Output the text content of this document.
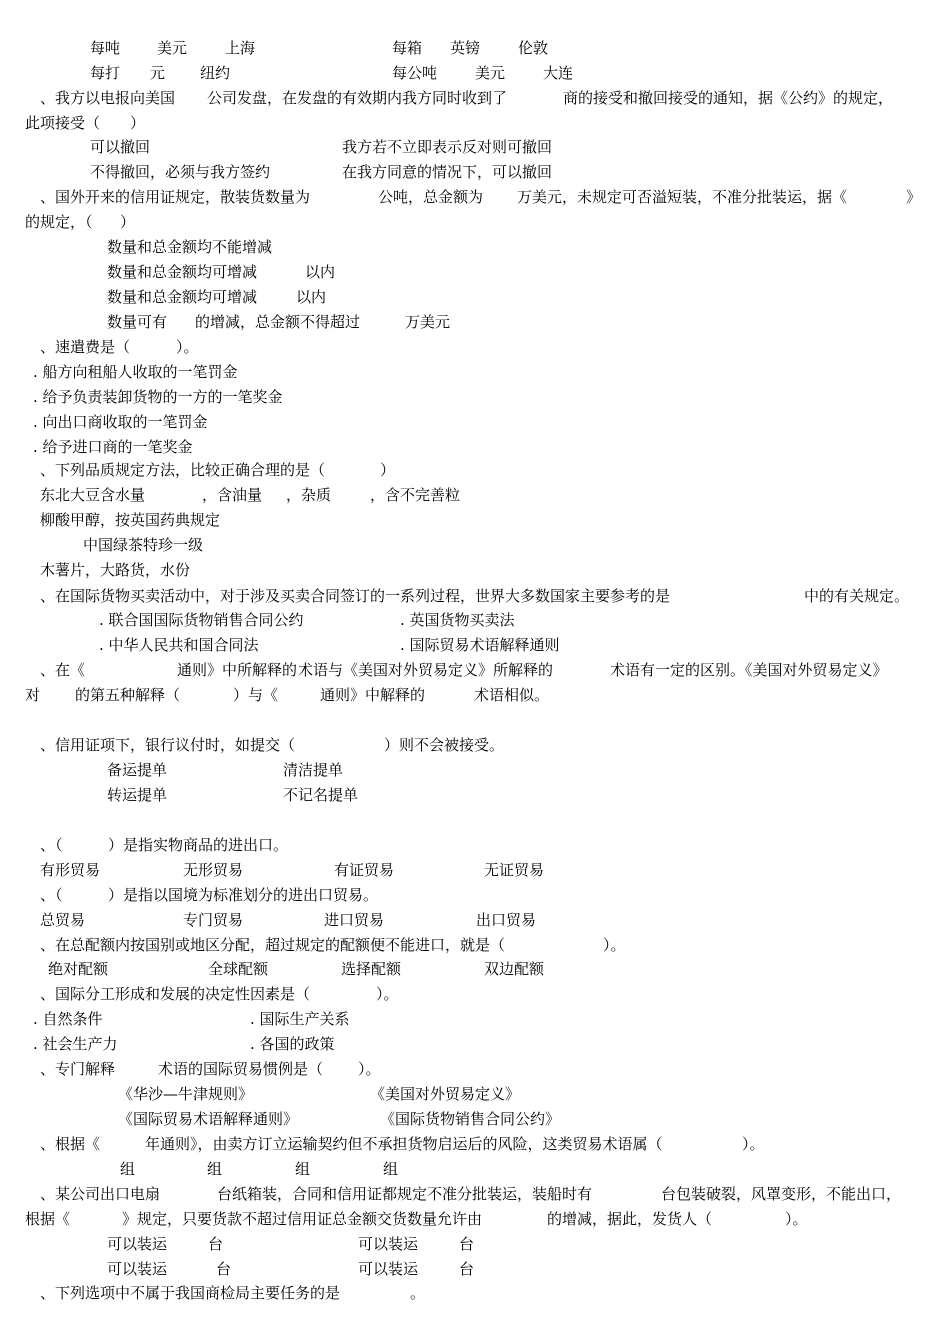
每吨 美元	上海	每箱 英镑	伦敦
每打 元 纽约	每公吨	美元	大连
、我方以电报向美国 公司发盘，在发盘的有效期内我方同时收到了	商的接受和撤回接受的通知，据《公约》的规定，
此项接受（ ）
可以撤回	我方若不立即表示反对则可撤回
不得撤回，必须与我方签约	在我方同意的情况下，可以撤回
、国外开来的信用证规定，散装货数量为	公吨，总金额为 万美元，未规定可否溢短装，不准分批装运，据《	》
的规定，（ ）
数量和总金额均不能增减
数量和总金额均可增减	以内
数量和总金额均可增减	以内
数量可有 的增减，总金额不得超过	万美元
、速遣费是（	）。
. 船方向租船人收取的一笔罚金
. 给予负责装卸货物的一方的一笔奖金
. 向出口商收取的一笔罚金
. 给予进口商的一笔奖金
、下列品质规定方法，比较正确合理的是（	）
东北大豆含水量	，含油量 ，杂质	，含不完善粒
柳酸甲醇，按英国药典规定
中国绿茶特珍一级
木薯片，大路货，水份
、在国际货物买卖活动中，对于涉及买卖合同签订的一系列过程，世界大多数国家主要参考的是	中的有关规定。
. 联合国国际货物销售合同公约	. 英国货物买卖法
. 中华人民共和国合同法	. 国际贸易术语解释通则
、在《	通则》中所解释的 术语与《美国对外贸易定义》所解释的	术语有一定的区别。《美国对外贸易定义》
对 的第五种解释（	）与《	通则》中解释的	术语相似。
、信用证项下，银行议付时，如提交（	）则不会被接受。
备运提单	清洁提单
转运提单	不记名提单
、（	）是指实物商品的进出口。
有形贸易	无形贸易	有证贸易	无证贸易
、（	）是指以国境为标准划分的进出口贸易。
总贸易	专门贸易	进口贸易	出口贸易
、在总配额内按国别或地区分配，超过规定的配额便不能进口，就是（	）。
绝对配额	全球配额	选择配额	双边配额
、国际分工形成和发展的决定性因素是（	）。
. 自然条件	. 国际生产关系
. 社会生产力	. 各国的政策
、专门解释	术语的国际贸易惯例是（ ）。
《华沙—牛津规则》	《美国对外贸易定义》
《国际贸易术语解释通则》	《国际货物销售合同公约》
、根据《	年通则》，由卖方订立运输契约但不承担货物启运后的风险，这类贸易术语属（	）。
组	组	组	组
、某公司出口电扇	台纸箱装，合同和信用证都规定不准分批装运，装船时有	台包装破裂，风罩变形，不能出口，
根据《	》规定，只要货款不超过信用证总金额交货数量允许由	的增减，据此，发货人（	）。
可以装运	台	可以装运	台
可以装运	台	可以装运	台
、下列选项中不属于我国商检局主要任务的是	。
